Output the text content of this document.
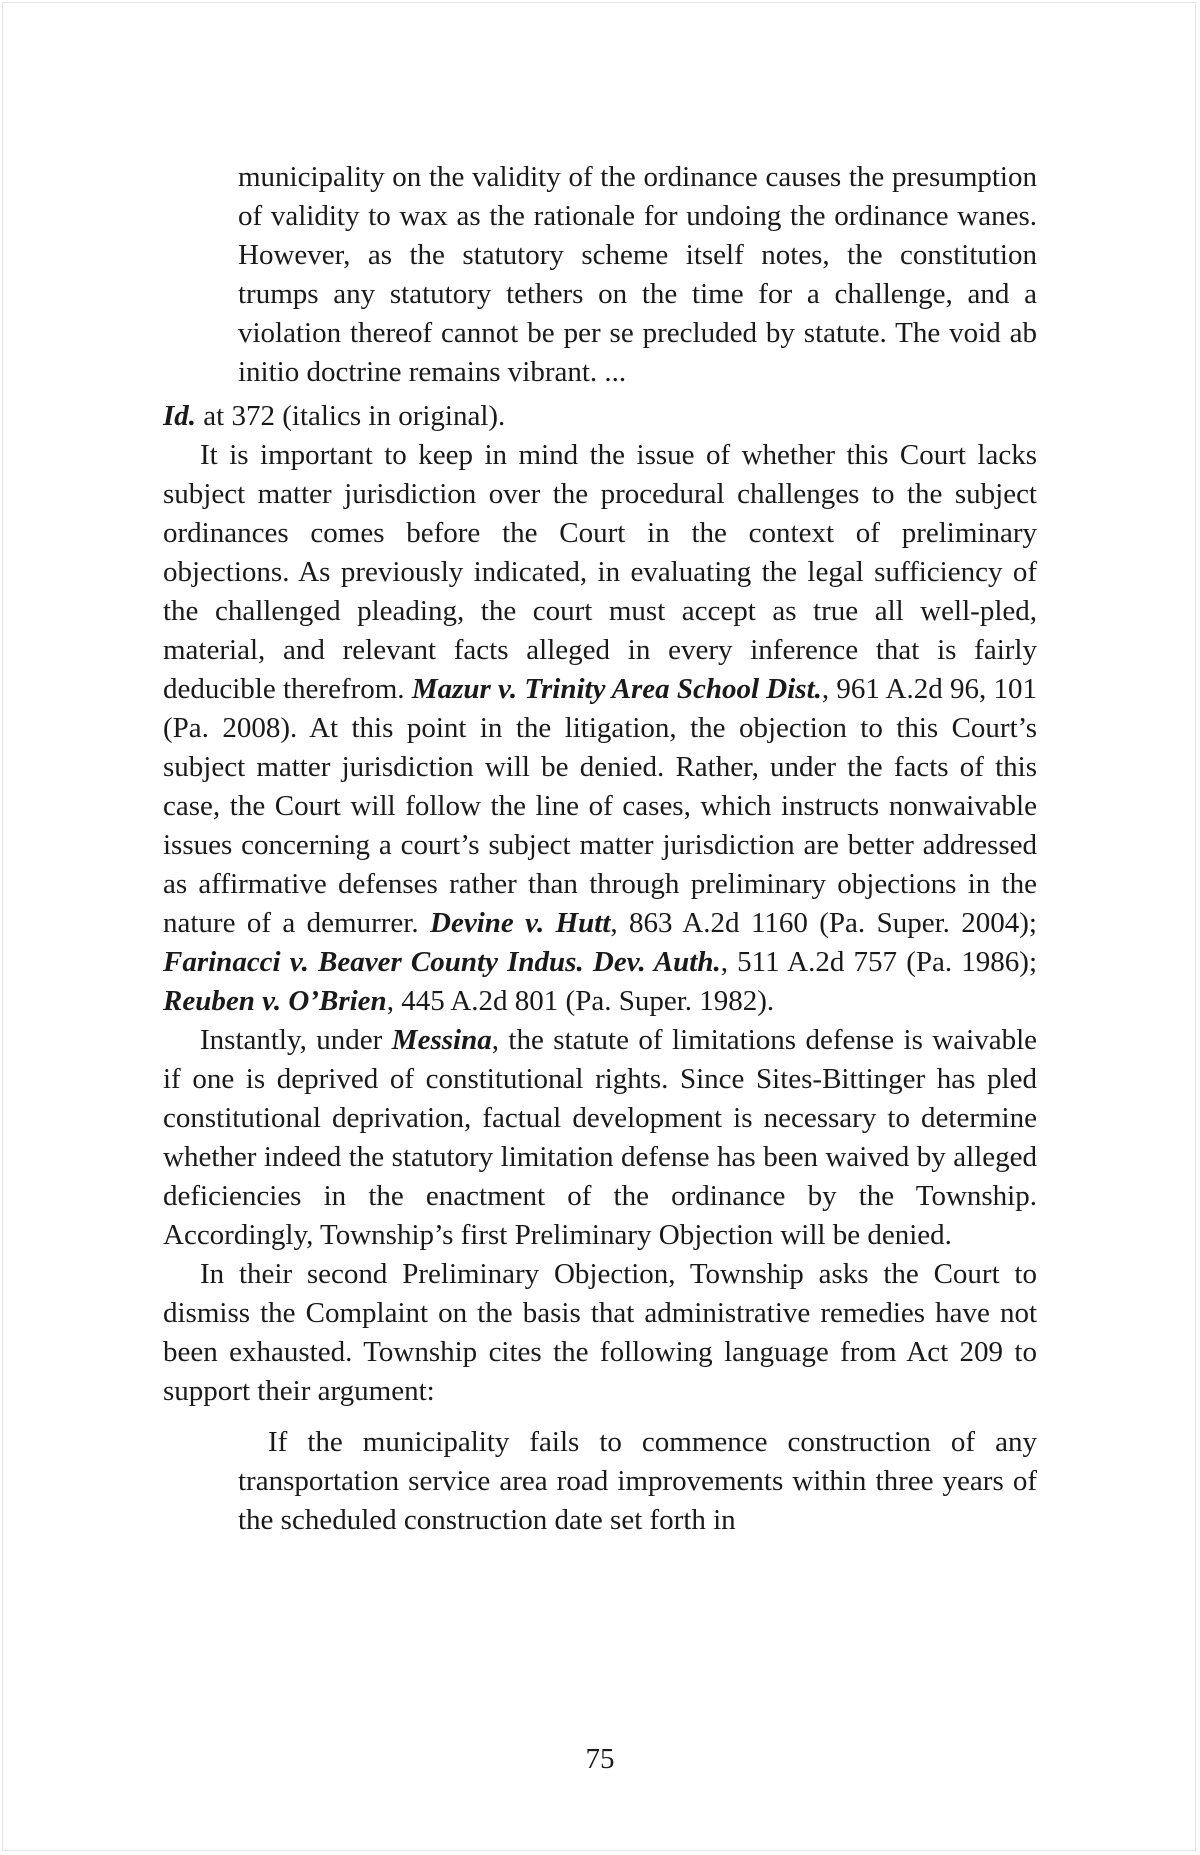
municipality on the validity of the ordinance causes the presumption of validity to wax as the rationale for undoing the ordinance wanes. However, as the statutory scheme itself notes, the constitution trumps any statutory tethers on the time for a challenge, and a violation thereof cannot be per se precluded by statute. The void ab initio doctrine remains vibrant. ...
Id. at 372 (italics in original).

It is important to keep in mind the issue of whether this Court lacks subject matter jurisdiction over the procedural challenges to the subject ordinances comes before the Court in the context of preliminary objections. As previously indicated, in evaluating the legal sufficiency of the challenged pleading, the court must accept as true all well-pled, material, and relevant facts alleged in every inference that is fairly deducible therefrom. Mazur v. Trinity Area School Dist., 961 A.2d 96, 101 (Pa. 2008). At this point in the litigation, the objection to this Court’s subject matter jurisdiction will be denied. Rather, under the facts of this case, the Court will follow the line of cases, which instructs nonwaivable issues concerning a court’s subject matter jurisdiction are better addressed as affirmative defenses rather than through preliminary objections in the nature of a demurrer. Devine v. Hutt, 863 A.2d 1160 (Pa. Super. 2004); Farinacci v. Beaver County Indus. Dev. Auth., 511 A.2d 757 (Pa. 1986); Reuben v. O’Brien, 445 A.2d 801 (Pa. Super. 1982).

Instantly, under Messina, the statute of limitations defense is waivable if one is deprived of constitutional rights. Since Sites-Bittinger has pled constitutional deprivation, factual development is necessary to determine whether indeed the statutory limitation defense has been waived by alleged deficiencies in the enactment of the ordinance by the Township. Accordingly, Township’s first Preliminary Objection will be denied.

In their second Preliminary Objection, Township asks the Court to dismiss the Complaint on the basis that administrative remedies have not been exhausted. Township cites the following language from Act 209 to support their argument:

If the municipality fails to commence construction of any transportation service area road improvements within three years of the scheduled construction date set forth in
75
